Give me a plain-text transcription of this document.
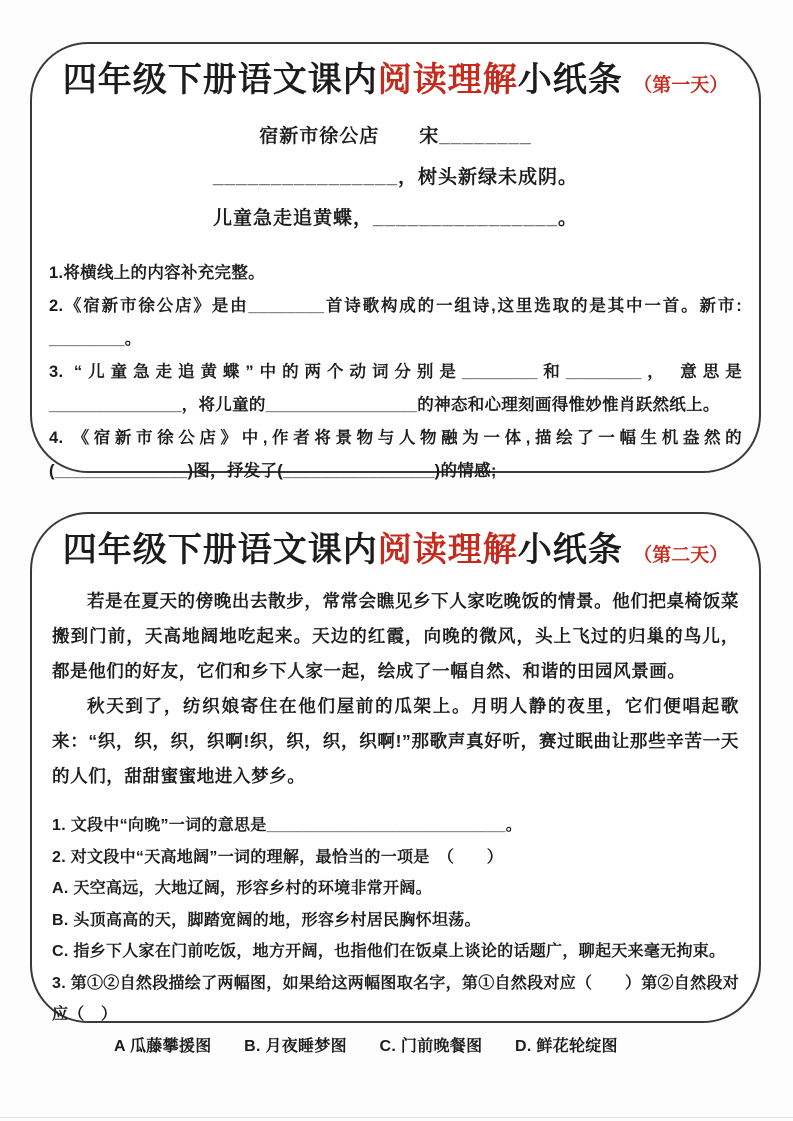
四年级下册语文课内阅读理解小纸条 （第一天）

宿新市徐公店　　宋________

________________，树头新绿未成阴。

儿童急走追黄蝶，________________。

1.将横线上的内容补充完整。

2.《宿新市徐公店》是由________首诗歌构成的一组诗,这里选取的是其中一首。新市: ________。

3. “儿童急走追黄蝶”中的两个动词分别是________和________， 意思是______________，将儿童的________________的神态和心理刻画得惟妙惟肖跃然纸上。

4. 《宿新市徐公店》中,作者将景物与人物融为一体,描绘了一幅生机盎然的(______________)图，抒发了(________________)的情感;

四年级下册语文课内阅读理解小纸条 （第二天）

若是在夏天的傍晚出去散步，常常会瞧见乡下人家吃晚饭的情景。他们把桌椅饭菜搬到门前，天高地阔地吃起来。天边的红霞，向晚的微风，头上飞过的归巢的鸟儿，都是他们的好友，它们和乡下人家一起，绘成了一幅自然、和谐的田园风景画。

秋天到了，纺织娘寄住在他们屋前的瓜架上。月明人静的夜里，它们便唱起歌来：“织，织，织，织啊!织，织，织，织啊!”那歌声真好听，赛过眠曲让那些辛苦一天的人们，甜甜蜜蜜地进入梦乡。

1. 文段中“向晚”一词的意思是__________________________。

2. 对文段中“天高地阔”一词的理解，最恰当的一项是　（　　）

A. 天空高远，大地辽阔，形容乡村的环境非常开阔。

B. 头顶高高的天，脚踏宽阔的地，形容乡村居民胸怀坦荡。

C. 指乡下人家在门前吃饭，地方开阔，也指他们在饭桌上谈论的话题广，聊起天来毫无拘束。

3. 第①②自然段描绘了两幅图，如果给这两幅图取名字，第①自然段对应（　　）第②自然段对应（　）

A 瓜藤攀援图　　B. 月夜睡梦图　　C. 门前晚餐图　　D. 鲜花轮绽图
